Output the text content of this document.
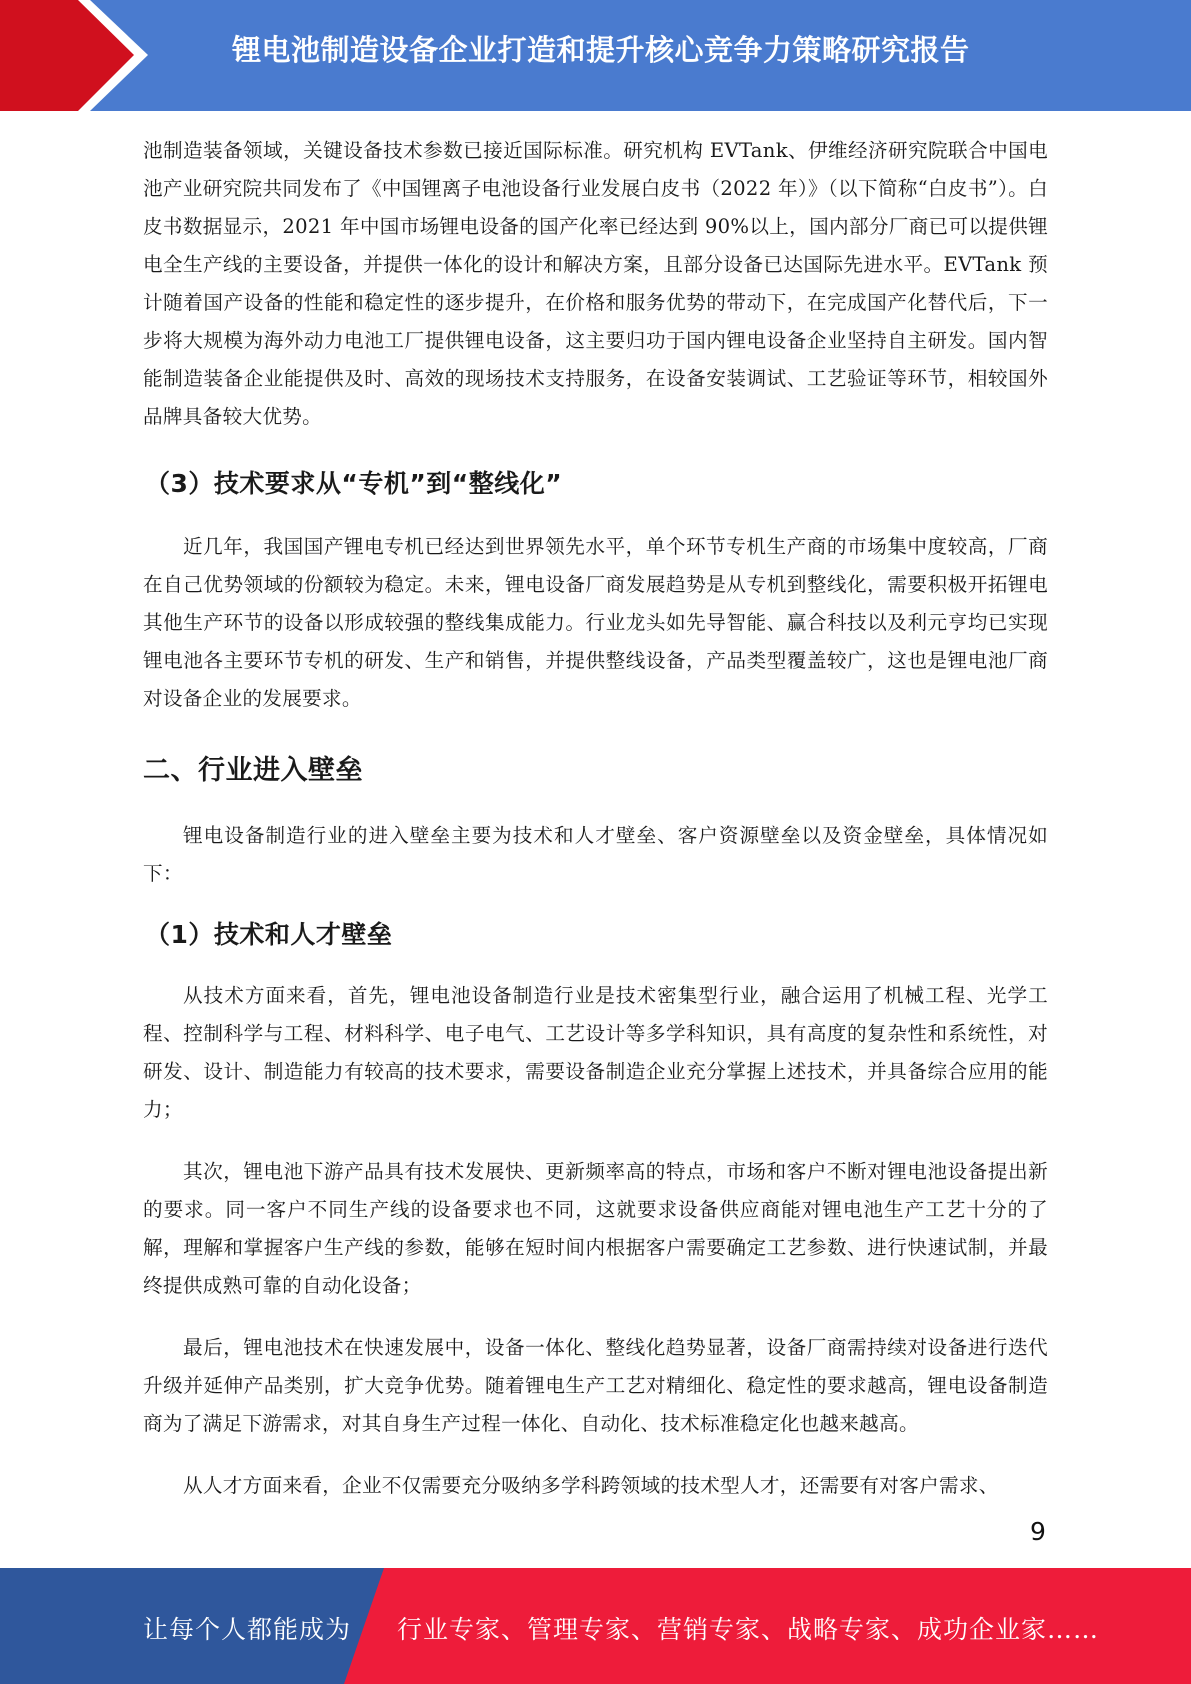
锂电池制造设备企业打造和提升核心竞争力策略研究报告

池制造装备领域，关键设备技术参数已接近国际标准。研究机构 EVTank、伊维经济研究院联合中国电池产业研究院共同发布了《中国锂离子电池设备行业发展白皮书（2022 年）》（以下简称“白皮书”）。白皮书数据显示，2021 年中国市场锂电设备的国产化率已经达到 90%以上，国内部分厂商已可以提供锂电全生产线的主要设备，并提供一体化的设计和解决方案，且部分设备已达国际先进水平。EVTank 预计随着国产设备的性能和稳定性的逐步提升，在价格和服务优势的带动下，在完成国产化替代后，下一步将大规模为海外动力电池工厂提供锂电设备，这主要归功于国内锂电设备企业坚持自主研发。国内智能制造装备企业能提供及时、高效的现场技术支持服务，在设备安装调试、工艺验证等环节，相较国外品牌具备较大优势。

（3）技术要求从“专机”到“整线化”

近几年，我国国产锂电专机已经达到世界领先水平，单个环节专机生产商的市场集中度较高，厂商在自己优势领域的份额较为稳定。未来，锂电设备厂商发展趋势是从专机到整线化，需要积极开拓锂电其他生产环节的设备以形成较强的整线集成能力。行业龙头如先导智能、赢合科技以及利元亨均已实现锂电池各主要环节专机的研发、生产和销售，并提供整线设备，产品类型覆盖较广，这也是锂电池厂商对设备企业的发展要求。

二、行业进入壁垒

锂电设备制造行业的进入壁垒主要为技术和人才壁垒、客户资源壁垒以及资金壁垒，具体情况如下：

（1）技术和人才壁垒

从技术方面来看，首先，锂电池设备制造行业是技术密集型行业，融合运用了机械工程、光学工程、控制科学与工程、材料科学、电子电气、工艺设计等多学科知识，具有高度的复杂性和系统性，对研发、设计、制造能力有较高的技术要求，需要设备制造企业充分掌握上述技术，并具备综合应用的能力；

其次，锂电池下游产品具有技术发展快、更新频率高的特点，市场和客户不断对锂电池设备提出新的要求。同一客户不同生产线的设备要求也不同，这就要求设备供应商能对锂电池生产工艺十分的了解，理解和掌握客户生产线的参数，能够在短时间内根据客户需要确定工艺参数、进行快速试制，并最终提供成熟可靠的自动化设备；

最后，锂电池技术在快速发展中，设备一体化、整线化趋势显著，设备厂商需持续对设备进行迭代升级并延伸产品类别，扩大竞争优势。随着锂电生产工艺对精细化、稳定性的要求越高，锂电设备制造商为了满足下游需求，对其自身生产过程一体化、自动化、技术标准稳定化也越来越高。

从人才方面来看，企业不仅需要充分吸纳多学科跨领域的技术型人才，还需要有对客户需求、

9
让每个人都能成为 行业专家、管理专家、营销专家、战略专家、成功企业家……
